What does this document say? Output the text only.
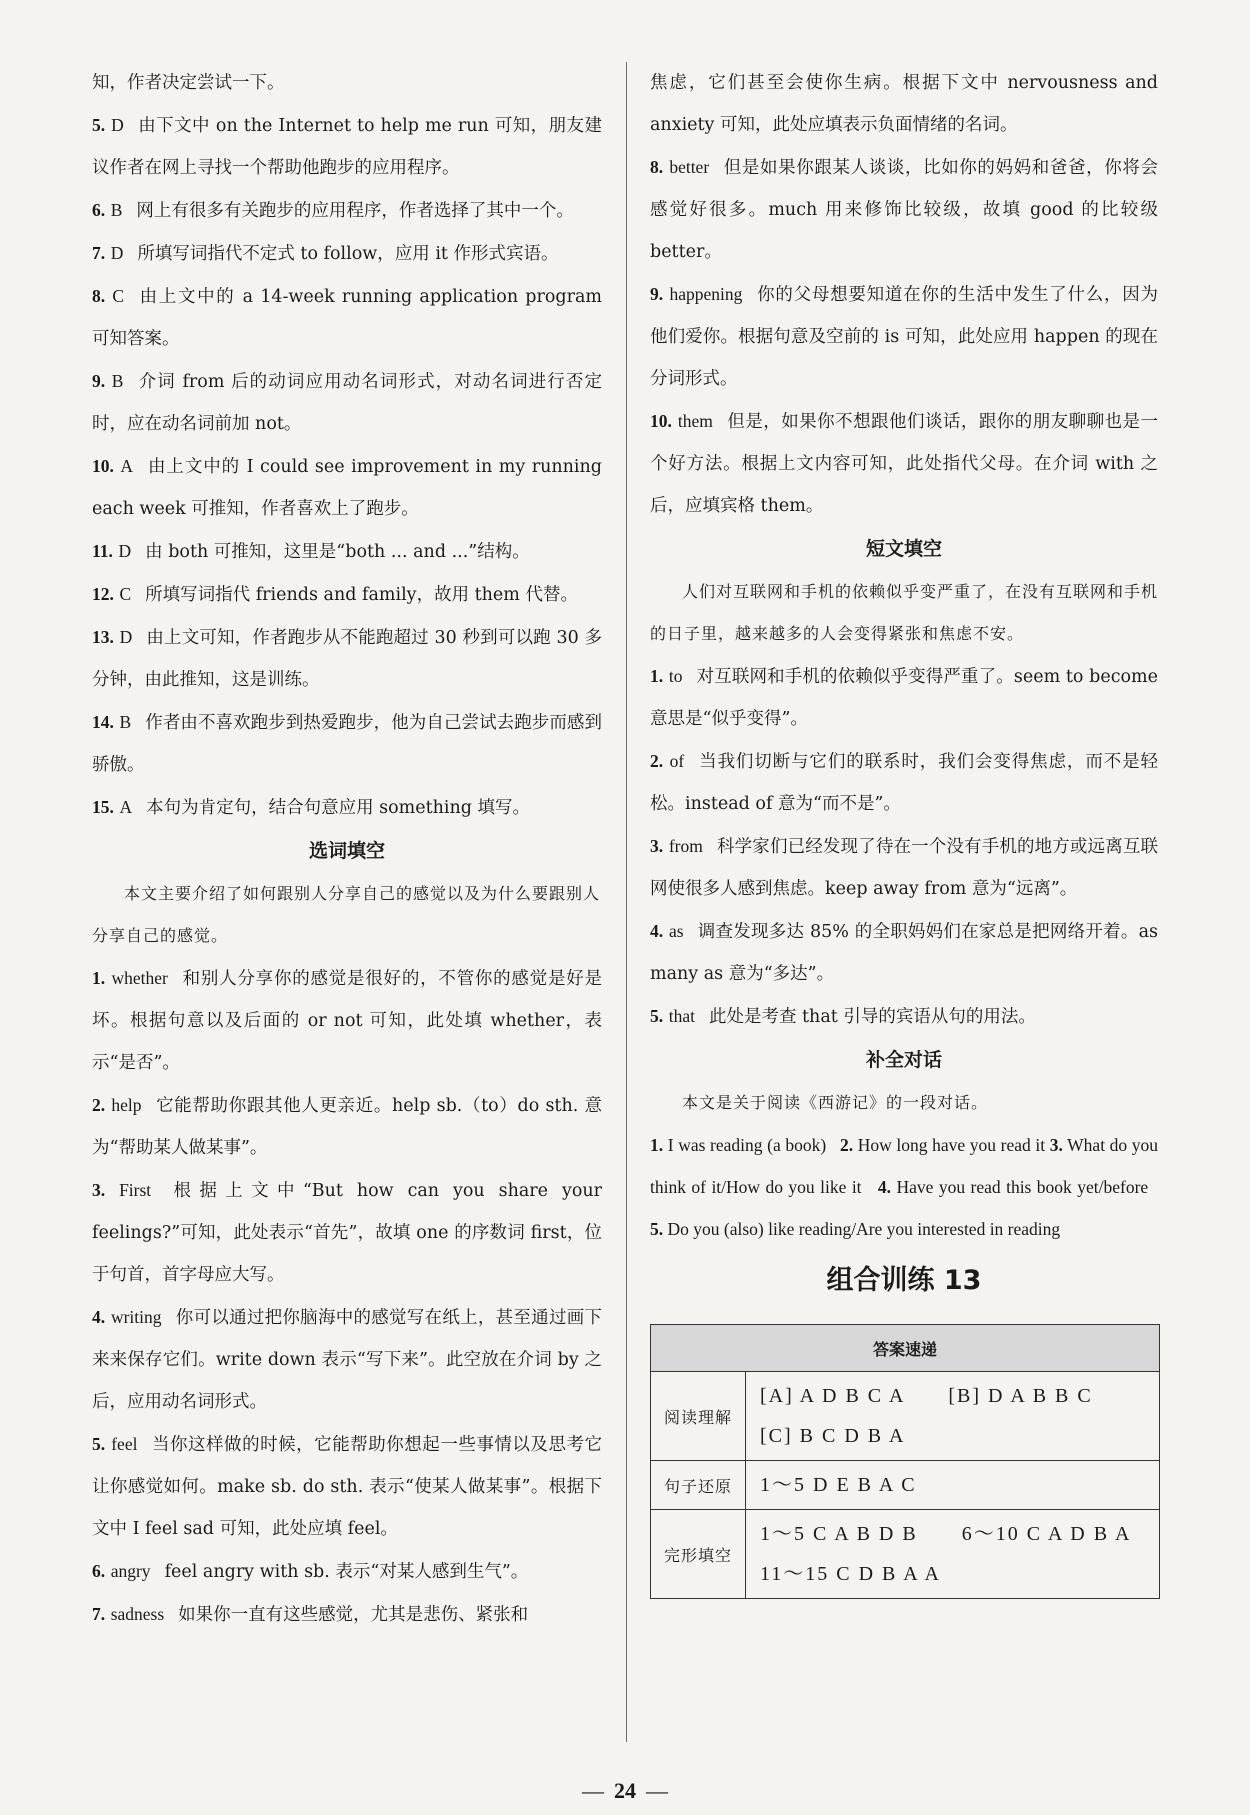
知，作者决定尝试一下。

5. D 由下文中 on the Internet to help me run 可知，朋友建议作者在网上寻找一个帮助他跑步的应用程序。

6. B 网上有很多有关跑步的应用程序，作者选择了其中一个。

7. D 所填写词指代不定式 to follow，应用 it 作形式宾语。

8. C 由上文中的 a 14-week running application program 可知答案。

9. B 介词 from 后的动词应用动名词形式，对动名词进行否定时，应在动名词前加 not。

10. A 由上文中的 I could see improvement in my running each week 可推知，作者喜欢上了跑步。

11. D 由 both 可推知，这里是“both ... and ...”结构。

12. C 所填写词指代 friends and family，故用 them 代替。

13. D 由上文可知，作者跑步从不能跑超过 30 秒到可以跑 30 多分钟，由此推知，这是训练。

14. B 作者由不喜欢跑步到热爱跑步，他为自己尝试去跑步而感到骄傲。

15. A 本句为肯定句，结合句意应用 something 填写。

选词填空

本文主要介绍了如何跟别人分享自己的感觉以及为什么要跟别人分享自己的感觉。

1. whether 和别人分享你的感觉是很好的，不管你的感觉是好是坏。根据句意以及后面的 or not 可知，此处填 whether，表示“是否”。

2. help 它能帮助你跟其他人更亲近。help sb.（to）do sth. 意为“帮助某人做某事”。

3. First 根据上文中“But how can you share your feelings?”可知，此处表示“首先”，故填 one 的序数词 first，位于句首，首字母应大写。

4. writing 你可以通过把你脑海中的感觉写在纸上，甚至通过画下来来保存它们。write down 表示“写下来”。此空放在介词 by 之后，应用动名词形式。

5. feel 当你这样做的时候，它能帮助你想起一些事情以及思考它让你感觉如何。make sb. do sth. 表示“使某人做某事”。根据下文中 I feel sad 可知，此处应填 feel。

6. angry feel angry with sb. 表示“对某人感到生气”。

7. sadness 如果你一直有这些感觉，尤其是悲伤、紧张和

焦虑，它们甚至会使你生病。根据下文中 nervousness and anxiety 可知，此处应填表示负面情绪的名词。

8. better 但是如果你跟某人谈谈，比如你的妈妈和爸爸，你将会感觉好很多。much 用来修饰比较级，故填 good 的比较级 better。

9. happening 你的父母想要知道在你的生活中发生了什么，因为他们爱你。根据句意及空前的 is 可知，此处应用 happen 的现在分词形式。

10. them 但是，如果你不想跟他们谈话，跟你的朋友聊聊也是一个好方法。根据上文内容可知，此处指代父母。在介词 with 之后，应填宾格 them。

短文填空

人们对互联网和手机的依赖似乎变严重了，在没有互联网和手机的日子里，越来越多的人会变得紧张和焦虑不安。

1. to 对互联网和手机的依赖似乎变得严重了。seem to become 意思是“似乎变得”。

2. of 当我们切断与它们的联系时，我们会变得焦虑，而不是轻松。instead of 意为“而不是”。

3. from 科学家们已经发现了待在一个没有手机的地方或远离互联网使很多人感到焦虑。keep away from 意为“远离”。

4. as 调查发现多达 85% 的全职妈妈们在家总是把网络开着。as many as 意为“多达”。

5. that 此处是考查 that 引导的宾语从句的用法。

补全对话

本文是关于阅读《西游记》的一段对话。

1. I was reading (a book) 2. How long have you read it 3. What do you think of it/How do you like it 4. Have you read this book yet/before   5. Do you (also) like reading/Are you interested in reading

组合训练 13

答案速递	
阅读理解	[A] A D B C A　　[B] D A B B C
[C] B C D B A

句子还原	1～5 D E B A C

完形填空	1～5 C A B D B　　6～10 C A D B A
11～15 C D B A A
— 24 —
